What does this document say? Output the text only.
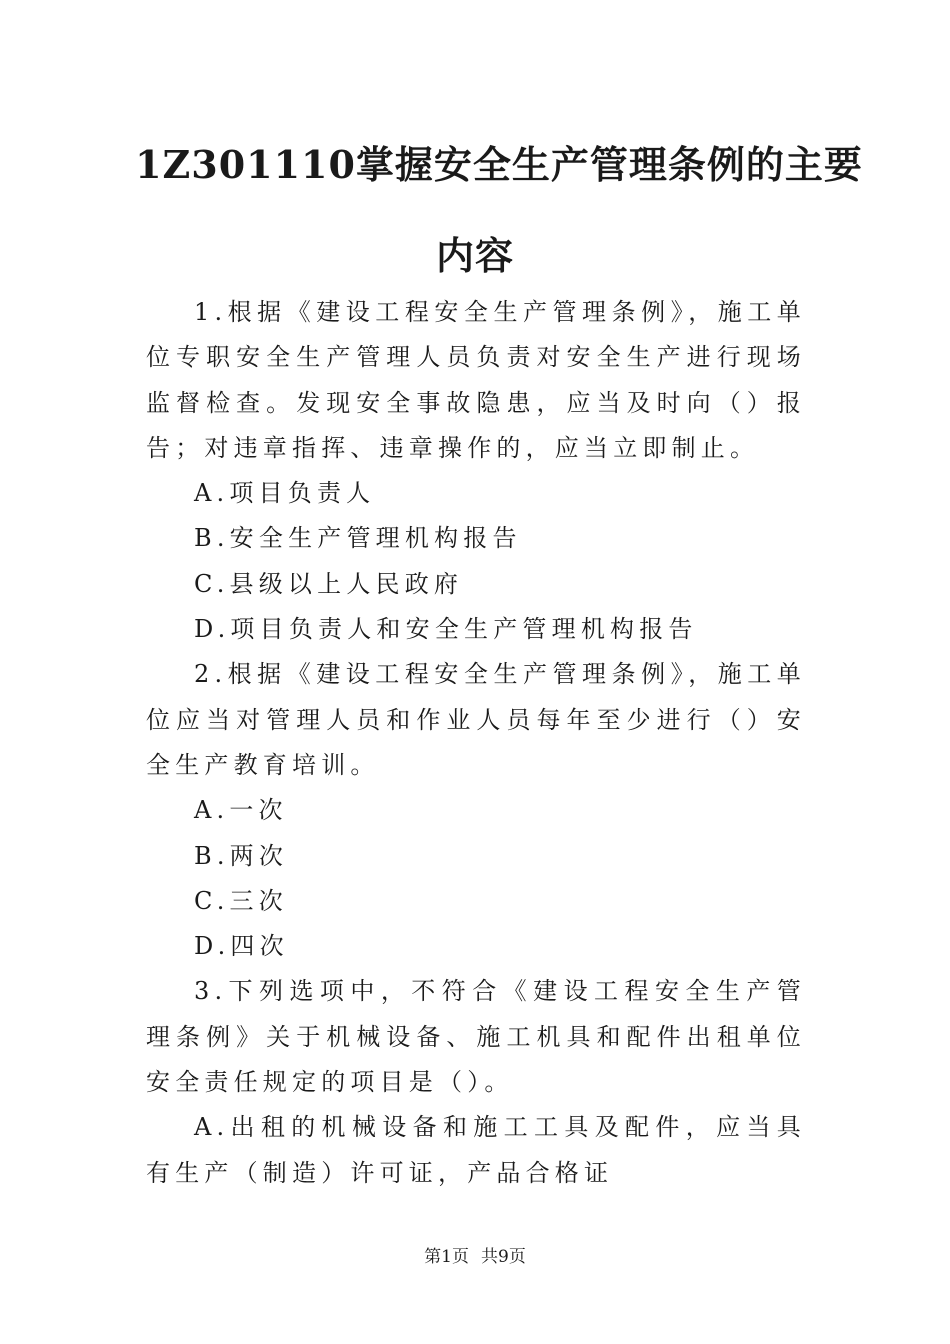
1Z301110掌握安全生产管理条例的主要
内容

1.根据《建设工程安全生产管理条例》，施工单位专职安全生产管理人员负责对安全生产进行现场监督检查。发现安全事故隐患，应当及时向（）报告；对违章指挥、违章操作的，应当立即制止。

A.项目负责人

B.安全生产管理机构报告

C.县级以上人民政府

D.项目负责人和安全生产管理机构报告

2.根据《建设工程安全生产管理条例》，施工单位应当对管理人员和作业人员每年至少进行（）安全生产教育培训。

A.一次

B.两次

C.三次

D.四次

3.下列选项中，不符合《建设工程安全生产管理条例》关于机械设备、施工机具和配件出租单位安全责任规定的项目是（）。

A.出租的机械设备和施工工具及配件，应当具有生产（制造）许可证，产品合格证

第1页 共9页
